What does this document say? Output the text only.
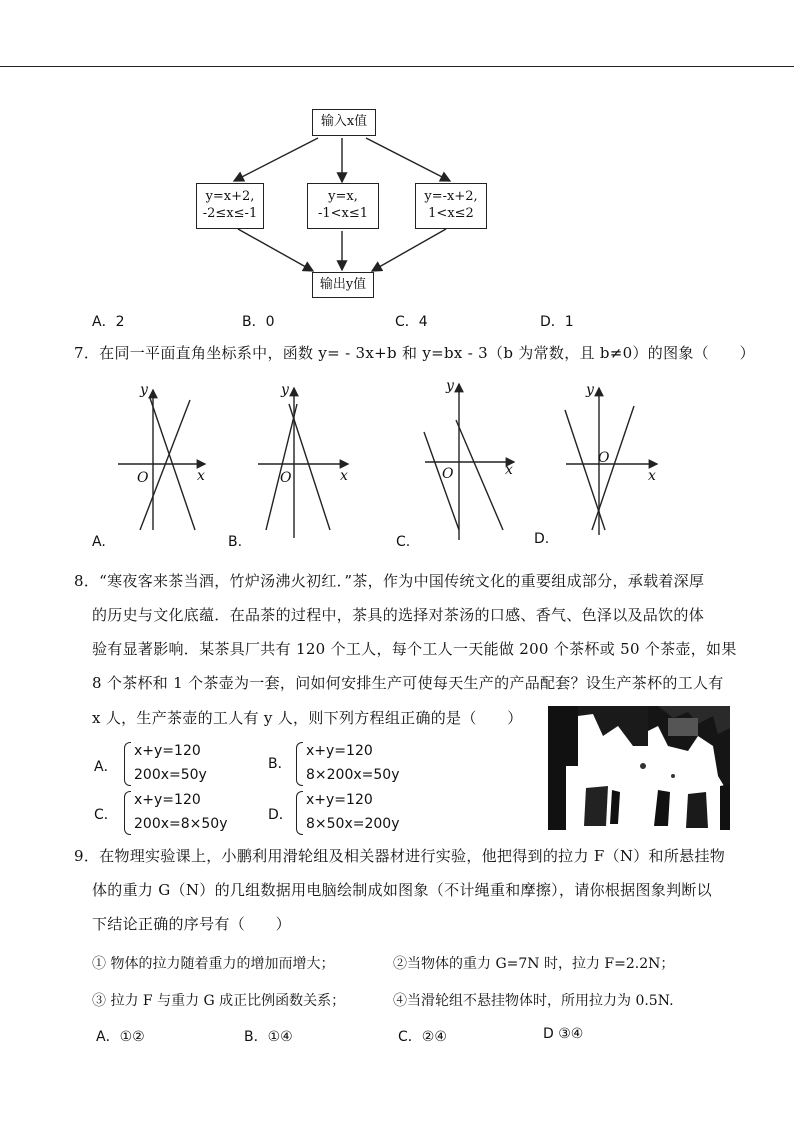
输入x值
y=x+2,
-2≤x≤-1
y=x,
-1<x≤1
y=-x+2,
1<x≤2
输出y值
A．2	B．0	C．4	D．1
7．在同一平面直角坐标系中，函数 y= - 3x+b 和 y=bx - 3（b 为常数，且 b≠0）的图象（　　）
y
x
O
y
x
O
y
x
O
y
x
O
A.	B.	C.	D.
8．“寒夜客来茶当酒，竹炉汤沸火初红．”茶，作为中国传统文化的重要组成部分，承载着深厚
的历史与文化底蕴．在品茶的过程中，茶具的选择对茶汤的口感、香气、色泽以及品饮的体
验有显著影响．某茶具厂共有 120 个工人，每个工人一天能做 200 个茶杯或 50 个茶壶，如果
8 个茶杯和 1 个茶壶为一套，问如何安排生产可使每天生产的产品配套？设生产茶杯的工人有
x 人，生产茶壶的工人有 y 人，则下列方程组正确的是（　　）
A．
x+y=120
200x=50y
B．
x+y=120
8×200x=50y
C．
x+y=120
200x=8×50y
D．
x+y=120
8×50x=200y
9．在物理实验课上，小鹏利用滑轮组及相关器材进行实验，他把得到的拉力 F（N）和所悬挂物
体的重力 G（N）的几组数据用电脑绘制成如图象（不计绳重和摩擦），请你根据图象判断以
下结论正确的序号有（　　）
① 物体的拉力随着重力的增加而增大；	②当物体的重力 G=7N 时，拉力 F=2.2N；
③ 拉力 F 与重力 G 成正比例函数关系；	④当滑轮组不悬挂物体时，所用拉力为 0.5N.
A．①②	B．①④	C．②④	D ③④
